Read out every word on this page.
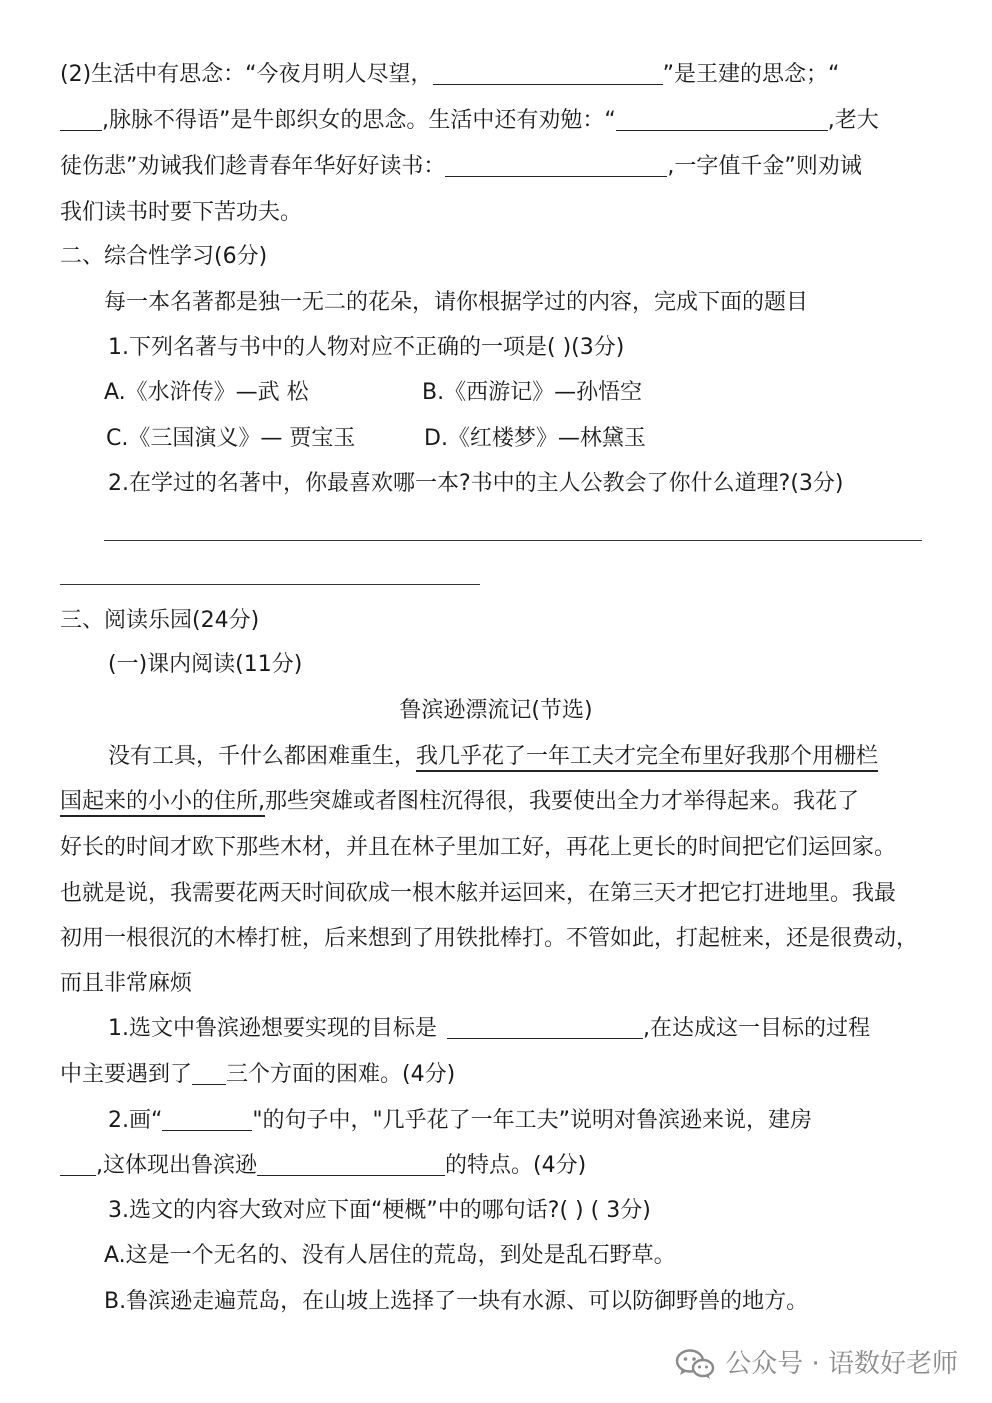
(2)生活中有思念：“今夜月明人尽望，	”是王建的思念；“
,脉脉不得语”是牛郎织女的思念。生活中还有劝勉：“	,老大
徒伤悲”劝诫我们趁青春年华好好读书：	,一字值千金”则劝诫
我们读书时要下苦功夫。
二、综合性学习(6分)
每一本名著都是独一无二的花朵，请你根据学过的内容，完成下面的题目
1.下列名著与书中的人物对应不正确的一项是( )(3分)
A.《水浒传》—武 松	B.《西游记》—孙悟空
C.《三国演义》— 贾宝玉	D.《红楼梦》—林黛玉
2.在学过的名著中，你最喜欢哪一本?书中的主人公教会了你什么道理?(3分)
三、阅读乐园(24分)
(一)课内阅读(11分)
鲁滨逊漂流记(节选)
没有工具，千什么都困难重生，我几乎花了一年工夫才完全布里好我那个用栅栏
国起来的小小的住所,那些突雄或者图柱沉得很，我要使出全力才举得起来。我花了
好长的时间才欧下那些木材，并且在林子里加工好，再花上更长的时间把它们运回家。
也就是说，我需要花两天时间砍成一根木舷并运回来，在第三天才把它打进地里。我最
初用一根很沉的木棒打桩，后来想到了用铁批棒打。不管如此，打起桩来，还是很费动，
而且非常麻烦
1.选文中鲁滨逊想要实现的目标是	,在达成这一目标的过程
中主要遇到了 三个方面的困难。(4分)
2.画“	"的句子中，"几乎花了一年工夫”说明对鲁滨逊来说，建房
,这体现出鲁滨逊	的特点。(4分)
3.选文的内容大致对应下面“梗概”中的哪句话?( ) ( 3分)
A.这是一个无名的、没有人居住的荒岛，到处是乱石野草。
B.鲁滨逊走遍荒岛，在山坡上选择了一块有水源、可以防御野兽的地方。
公众号 · 语数好老师
